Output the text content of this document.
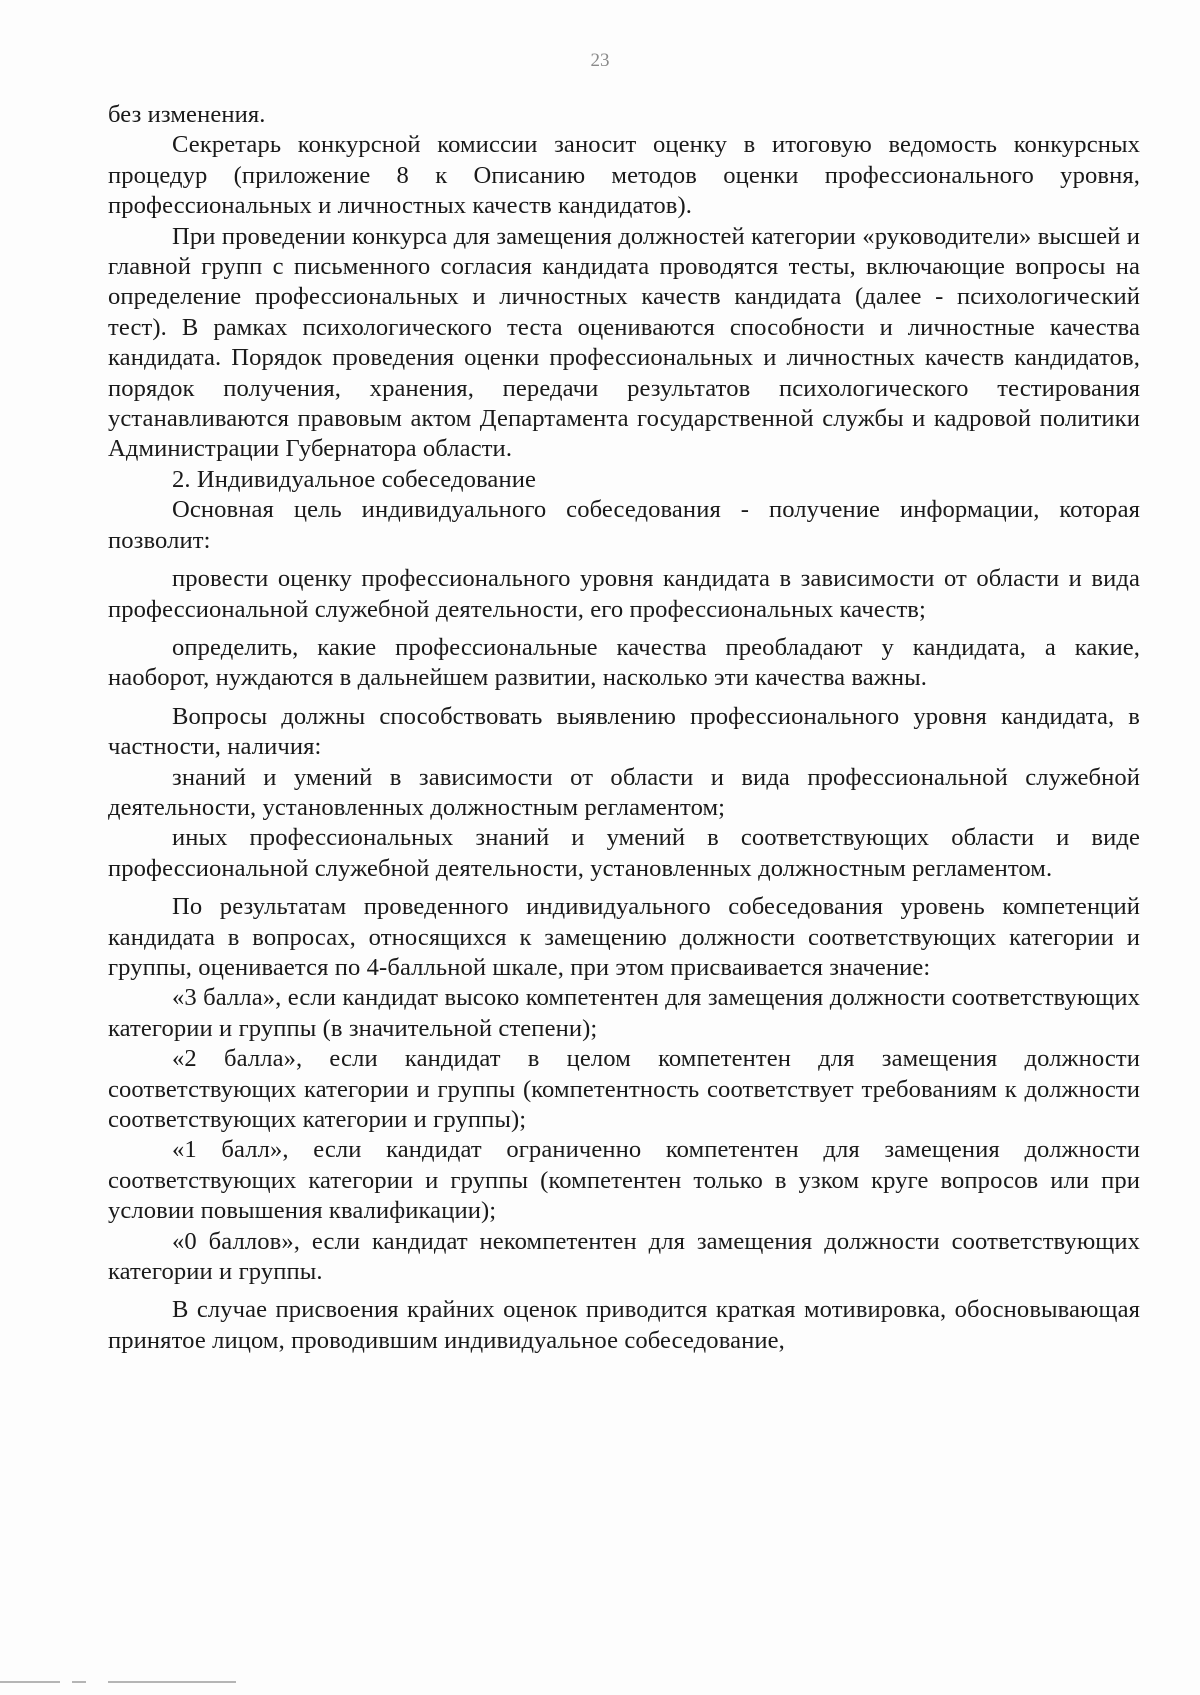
23

без изменения.

Секретарь конкурсной комиссии заносит оценку в итоговую ведомость конкурсных процедур (приложение 8 к Описанию методов оценки профессионального уровня, профессиональных и личностных качеств кандидатов).

При проведении конкурса для замещения должностей категории «руководители» высшей и главной групп с письменного согласия кандидата проводятся тесты, включающие вопросы на определение профессиональных и личностных качеств кандидата (далее - психологический тест). В рамках психологического теста оцениваются способности и личностные качества кандидата. Порядок проведения оценки профессиональных и личностных качеств кандидатов, порядок получения, хранения, передачи результатов психологического тестирования устанавливаются правовым актом Департамента государственной службы и кадровой политики Администрации Губернатора области.

2. Индивидуальное собеседование

Основная цель индивидуального собеседования - получение информации, которая позволит:

провести оценку профессионального уровня кандидата в зависимости от области и вида профессиональной служебной деятельности, его профессиональных качеств;

определить, какие профессиональные качества преобладают у кандидата, а какие, наоборот, нуждаются в дальнейшем развитии, насколько эти качества важны.

Вопросы должны способствовать выявлению профессионального уровня кандидата, в частности, наличия:

знаний и умений в зависимости от области и вида профессиональной служебной деятельности, установленных должностным регламентом;

иных профессиональных знаний и умений в соответствующих области и виде профессиональной служебной деятельности, установленных должностным регламентом.

По результатам проведенного индивидуального собеседования уровень компетенций кандидата в вопросах, относящихся к замещению должности соответствующих категории и группы, оценивается по 4-балльной шкале, при этом присваивается значение:

«3 балла», если кандидат высоко компетентен для замещения должности соответствующих категории и группы (в значительной степени);

«2 балла», если кандидат в целом компетентен для замещения должности соответствующих категории и группы (компетентность соответствует требованиям к должности соответствующих категории и группы);

«1 балл», если кандидат ограниченно компетентен для замещения должности соответствующих категории и группы (компетентен только в узком круге вопросов или при условии повышения квалификации);

«0 баллов», если кандидат некомпетентен для замещения должности соответствующих категории и группы.

В случае присвоения крайних оценок приводится краткая мотивировка, обосновывающая принятое лицом, проводившим индивидуальное собеседование,
